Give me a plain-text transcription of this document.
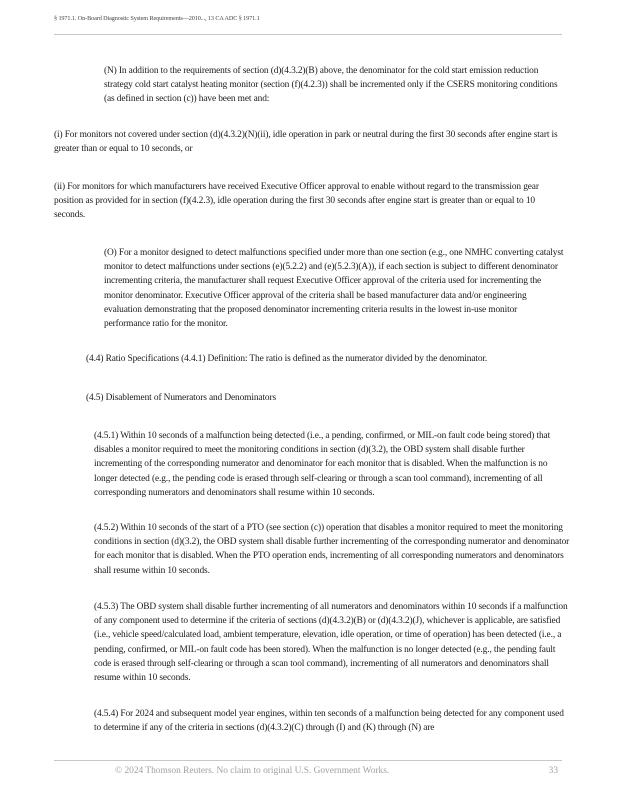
§ 1971.1. On-Board Diagnostic System Requirements—2010..., 13 CA ADC § 1971.1

(N) In addition to the requirements of section (d)(4.3.2)(B) above, the denominator for the cold start emission reduction strategy cold start catalyst heating monitor (section (f)(4.2.3)) shall be incremented only if the CSERS monitoring conditions (as defined in section (c)) have been met and:

(i) For monitors not covered under section (d)(4.3.2)(N)(ii), idle operation in park or neutral during the first 30 seconds after engine start is greater than or equal to 10 seconds, or

(ii) For monitors for which manufacturers have received Executive Officer approval to enable without regard to the transmission gear position as provided for in section (f)(4.2.3), idle operation during the first 30 seconds after engine start is greater than or equal to 10 seconds.

(O) For a monitor designed to detect malfunctions specified under more than one section (e.g., one NMHC converting catalyst monitor to detect malfunctions under sections (e)(5.2.2) and (e)(5.2.3)(A)), if each section is subject to different denominator incrementing criteria, the manufacturer shall request Executive Officer approval of the criteria used for incrementing the monitor denominator. Executive Officer approval of the criteria shall be based manufacturer data and/or engineering evaluation demonstrating that the proposed denominator incrementing criteria results in the lowest in-use monitor performance ratio for the monitor.

(4.4) Ratio Specifications (4.4.1) Definition: The ratio is defined as the numerator divided by the denominator.

(4.5) Disablement of Numerators and Denominators

(4.5.1) Within 10 seconds of a malfunction being detected (i.e., a pending, confirmed, or MIL-on fault code being stored) that disables a monitor required to meet the monitoring conditions in section (d)(3.2), the OBD system shall disable further incrementing of the corresponding numerator and denominator for each monitor that is disabled. When the malfunction is no longer detected (e.g., the pending code is erased through self-clearing or through a scan tool command), incrementing of all corresponding numerators and denominators shall resume within 10 seconds.

(4.5.2) Within 10 seconds of the start of a PTO (see section (c)) operation that disables a monitor required to meet the monitoring conditions in section (d)(3.2), the OBD system shall disable further incrementing of the corresponding numerator and denominator for each monitor that is disabled. When the PTO operation ends, incrementing of all corresponding numerators and denominators shall resume within 10 seconds.

(4.5.3) The OBD system shall disable further incrementing of all numerators and denominators within 10 seconds if a malfunction of any component used to determine if the criteria of sections (d)(4.3.2)(B) or (d)(4.3.2)(J), whichever is applicable, are satisfied (i.e., vehicle speed/calculated load, ambient temperature, elevation, idle operation, or time of operation) has been detected (i.e., a pending, confirmed, or MIL-on fault code has been stored). When the malfunction is no longer detected (e.g., the pending fault code is erased through self-clearing or through a scan tool command), incrementing of all numerators and denominators shall resume within 10 seconds.

(4.5.4) For 2024 and subsequent model year engines, within ten seconds of a malfunction being detected for any component used to determine if any of the criteria in sections (d)(4.3.2)(C) through (I) and (K) through (N) are

© 2024 Thomson Reuters. No claim to original U.S. Government Works.	33
